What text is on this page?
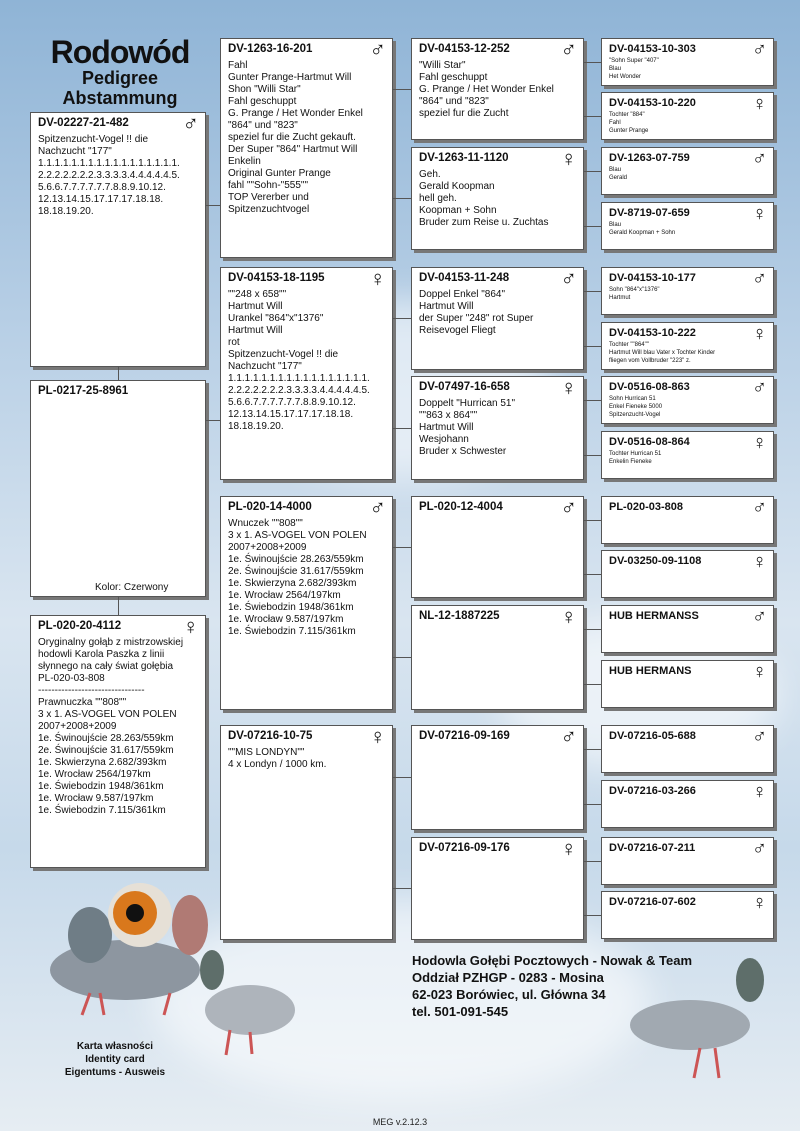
Rodowód
Pedigree
Abstammung
DV-02227-21-482	♂
Spitzenzucht-Vogel !! die
Nachzucht "177"
1.1.1.1.1.1.1.1.1.1.1.1.1.1.1.1.1.
2.2.2.2.2.2.2.3.3.3.3.4.4.4.4.4.5.
5.6.6.7.7.7.7.7.7.8.8.9.10.12.
12.13.14.15.17.17.17.18.18.
18.18.19.20.
PL-0217-25-8961
PL-020-20-4112	♀
Oryginalny gołąb z mistrzowskiej
hodowli Karola Paszka z linii
słynnego na cały świat gołębia
PL-020-03-808
--------------------------------
Prawnuczka ""808""
3 x 1. AS-VOGEL VON POLEN
2007+2008+2009
1e. Świnoujście 28.263/559km
2e. Świnoujście 31.617/559km
1e. Skwierzyna 2.682/393km
1e. Wrocław 2564/197km
1e. Świebodzin 1948/361km
1e. Wrocław 9.587/197km
1e. Świebodzin 7.115/361km
DV-1263-16-201	♂
Fahl
Gunter Prange-Hartmut Will
Shon "Willi Star"
Fahl geschuppt
G. Prange / Het Wonder Enkel
"864" und "823"
speziel fur die Zucht gekauft.
Der Super "864" Hartmut Will
Enkelin
Original Gunter Prange
fahl ""Sohn-"555""
TOP Vererber und
Spitzenzuchtvogel
DV-04153-18-1195	♀
""248 x 658""
Hartmut Will
Urankel "864"x"1376"
Hartmut Will
rot
Spitzenzucht-Vogel !! die
Nachzucht "177"
1.1.1.1.1.1.1.1.1.1.1.1.1.1.1.1.1.
2.2.2.2.2.2.2.3.3.3.3.4.4.4.4.4.5.
5.6.6.7.7.7.7.7.7.8.8.9.10.12.
12.13.14.15.17.17.17.18.18.
18.18.19.20.
PL-020-14-4000	♂
Wnuczek ""808""
3 x 1. AS-VOGEL VON POLEN
2007+2008+2009
1e. Świnoujście 28.263/559km
2e. Świnoujście 31.617/559km
1e. Skwierzyna 2.682/393km
1e. Wrocław 2564/197km
1e. Świebodzin 1948/361km
1e. Wrocław 9.587/197km
1e. Świebodzin 7.115/361km
DV-07216-10-75	♀
""MIS LONDYN""
4 x Londyn / 1000 km.
DV-04153-12-252	♂
"Willi Star"
Fahl geschuppt
G. Prange / Het Wonder Enkel
"864" und "823"
speziel fur die Zucht
DV-1263-11-1120	♀
Geh.
Gerald Koopman
hell geh.
Koopman + Sohn
Bruder zum Reise u. Zuchtas
DV-04153-11-248	♂
Doppel Enkel "864"
Hartmut Will
der Super "248" rot Super
Reisevogel Fliegt
DV-07497-16-658	♀
Doppelt "Hurrican 51"
""863 x 864""
Hartmut Will
Wesjohann
Bruder x Schwester
PL-020-12-4004	♂
NL-12-1887225	♀
DV-07216-09-169	♂
DV-07216-09-176	♀
DV-04153-10-303	♂
"Sohn Super "407"
Blau
Het Wonder
DV-04153-10-220	♀
Tochter "884"
Fahl
Gunter Prange
DV-1263-07-759	♂
Blau
Gerald
DV-8719-07-659	♀
Blau
Gerald Koopman + Sohn
DV-04153-10-177	♂
Sohn "864"x"1376"
Hartmut
DV-04153-10-222	♀
Tochter ""864""
Hartmut Will blau Vater x Tochter Kinder
fliegen vom Vollbruder "223" z.
DV-0516-08-863	♂
Sohn Hurrican 51
Enkel Fieneke 5000
Spitzenzucht-Vogel
DV-0516-08-864	♀
Tochter Hurrican 51
Enkelin Fieneke
PL-020-03-808	♂
DV-03250-09-1108	♀
HUB HERMANSS	♂
HUB HERMANS	♀
DV-07216-05-688	♂
DV-07216-03-266	♀
DV-07216-07-211	♂
DV-07216-07-602	♀
Kolor: Czerwony
Hodowla Gołębi Pocztowych - Nowak & Team
Oddział PZHGP - 0283 - Mosina
62-023 Borówiec, ul. Główna 34
tel. 501-091-545
Karta własności
Identity card
Eigentums - Ausweis
MEG v.2.12.3
